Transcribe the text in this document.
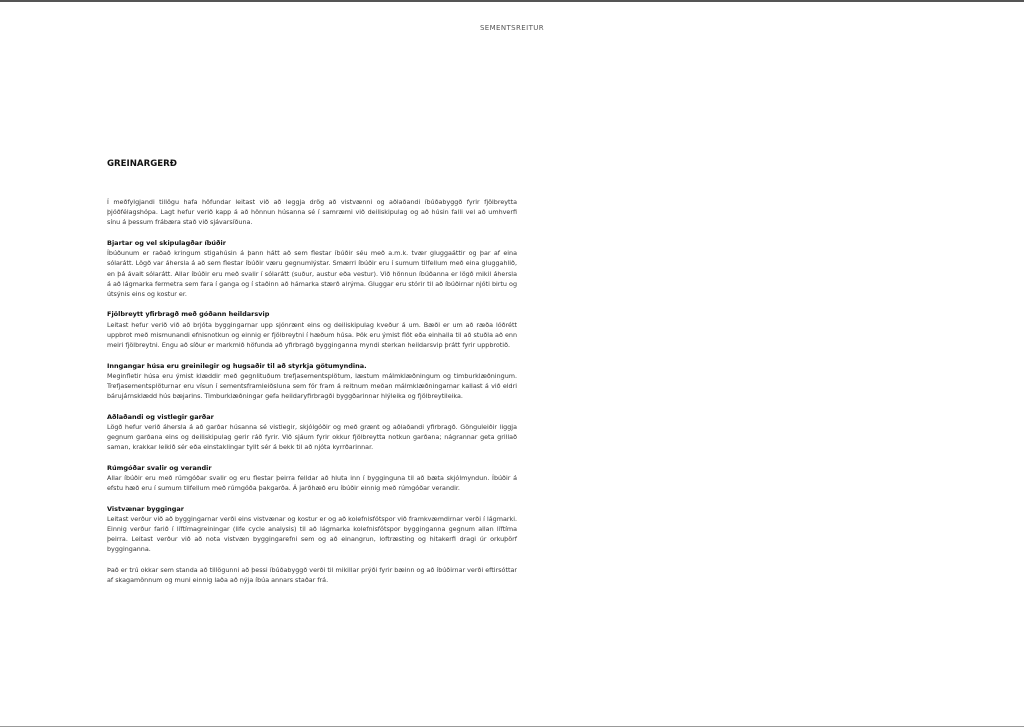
SEMENTSREITUR
GREINARGERÐ

Í meðfylgjandi tillögu hafa höfundar leitast við að leggja drög að vistvænni og aðlaðandi íbúðabyggð fyrir fjölbreytta þjóðfélagshópa. Lagt hefur verið kapp á að hönnun húsanna sé í samræmi við deiliskipulag og að húsin falli vel að umhverfi sínu á þessum frábæra stað við sjávarsíðuna.

Bjartar og vel skipulagðar íbúðir

Íbúðunum er raðað kringum stigahúsin á þann hátt að sem flestar íbúðir séu með a.m.k. tvær gluggaáttir og þar af eina sólarátt. Lögð var áhersla á að sem flestar íbúðir væru gegnumlýstar. Smærri íbúðir eru í sumum tilfellum með eina gluggahlið, en þá ávalt sólarátt. Allar íbúðir eru með svalir í sólarátt (suður, austur eða vestur). Við hönnun íbúðanna er lögð mikil áhersla á að lágmarka fermetra sem fara í ganga og í staðinn að hámarka stærð alrýma. Gluggar eru stórir til að íbúðirnar njóti birtu og útsýnis eins og kostur er.

Fjölbreytt yfirbragð með góðann heildarsvip

Leitast hefur verið við að brjóta byggingarnar upp sjónrænt eins og deiliskipulag kveður á um. Bæði er um að ræða lóðrétt uppbrot með mismunandi efnisnotkun og einnig er fjölbreytni í hæðum húsa. Þök eru ýmist flöt eða einhalla til að stuðla að enn meiri fjölbreytni. Engu að síður er markmið höfunda að yfirbragð bygginganna myndi sterkan heildarsvip þrátt fyrir uppbrotið.

Inngangar húsa eru greinilegir og hugsaðir til að styrkja götumyndina.

Meginfletir húsa eru ýmist klæddir með gegnlituðum trefjasementsplötum, læstum málmklæðningum og timburklæðningum. Trefjasementsplöturnar eru vísun í sementsframleiðsluna sem fór fram á reitnum meðan málmklæðningarnar kallast á við eldri bárujárnsklædd hús bæjarins. Timburklæðningar gefa heildaryfirbragði byggðarinnar hlýleika og fjölbreytileika.

Aðlaðandi og vistlegir garðar

Lögð hefur verið áhersla á að garðar húsanna sé vistlegir, skjólgóðir og með grænt og aðlaðandi yfirbragð. Gönguleiðir liggja gegnum garðana eins og deiliskipulag gerir ráð fyrir. Við sjáum fyrir okkur fjölbreytta notkun garðana; nágrannar geta grillað saman, krakkar leikið sér eða einstaklingar tyllt sér á bekk til að njóta kyrrðarinnar.

Rúmgóðar svalir og verandir

Allar íbúðir eru með rúmgóðar svalir og eru flestar þeirra felldar að hluta inn í bygginguna til að bæta skjólmyndun. Íbúðir á efstu hæð eru í sumum tilfellum með rúmgóða þakgarða. Á jarðhæð eru íbúðir einnig með rúmgóðar verandir.

Vistvænar byggingar

Leitast verður við að byggingarnar verði eins vistvænar og kostur er og að kolefnisfótspor við framkvæmdirnar verði í lágmarki. Einnig verður farið í líftímagreiningar (life cycle analysis) til að lágmarka kolefnisfótspor bygginganna gegnum allan líftíma þeirra. Leitast verður við að nota vistvæn byggingarefni sem og að einangrun, loftræsting og hitakerfi dragi úr orkuþörf bygginganna.

Það er trú okkar sem standa að tillögunni að þessi íbúðabyggð verði til mikillar prýði fyrir bæinn og að íbúðirnar verði eftirsóttar af skagamönnum og muni einnig laða að nýja íbúa annars staðar frá.
